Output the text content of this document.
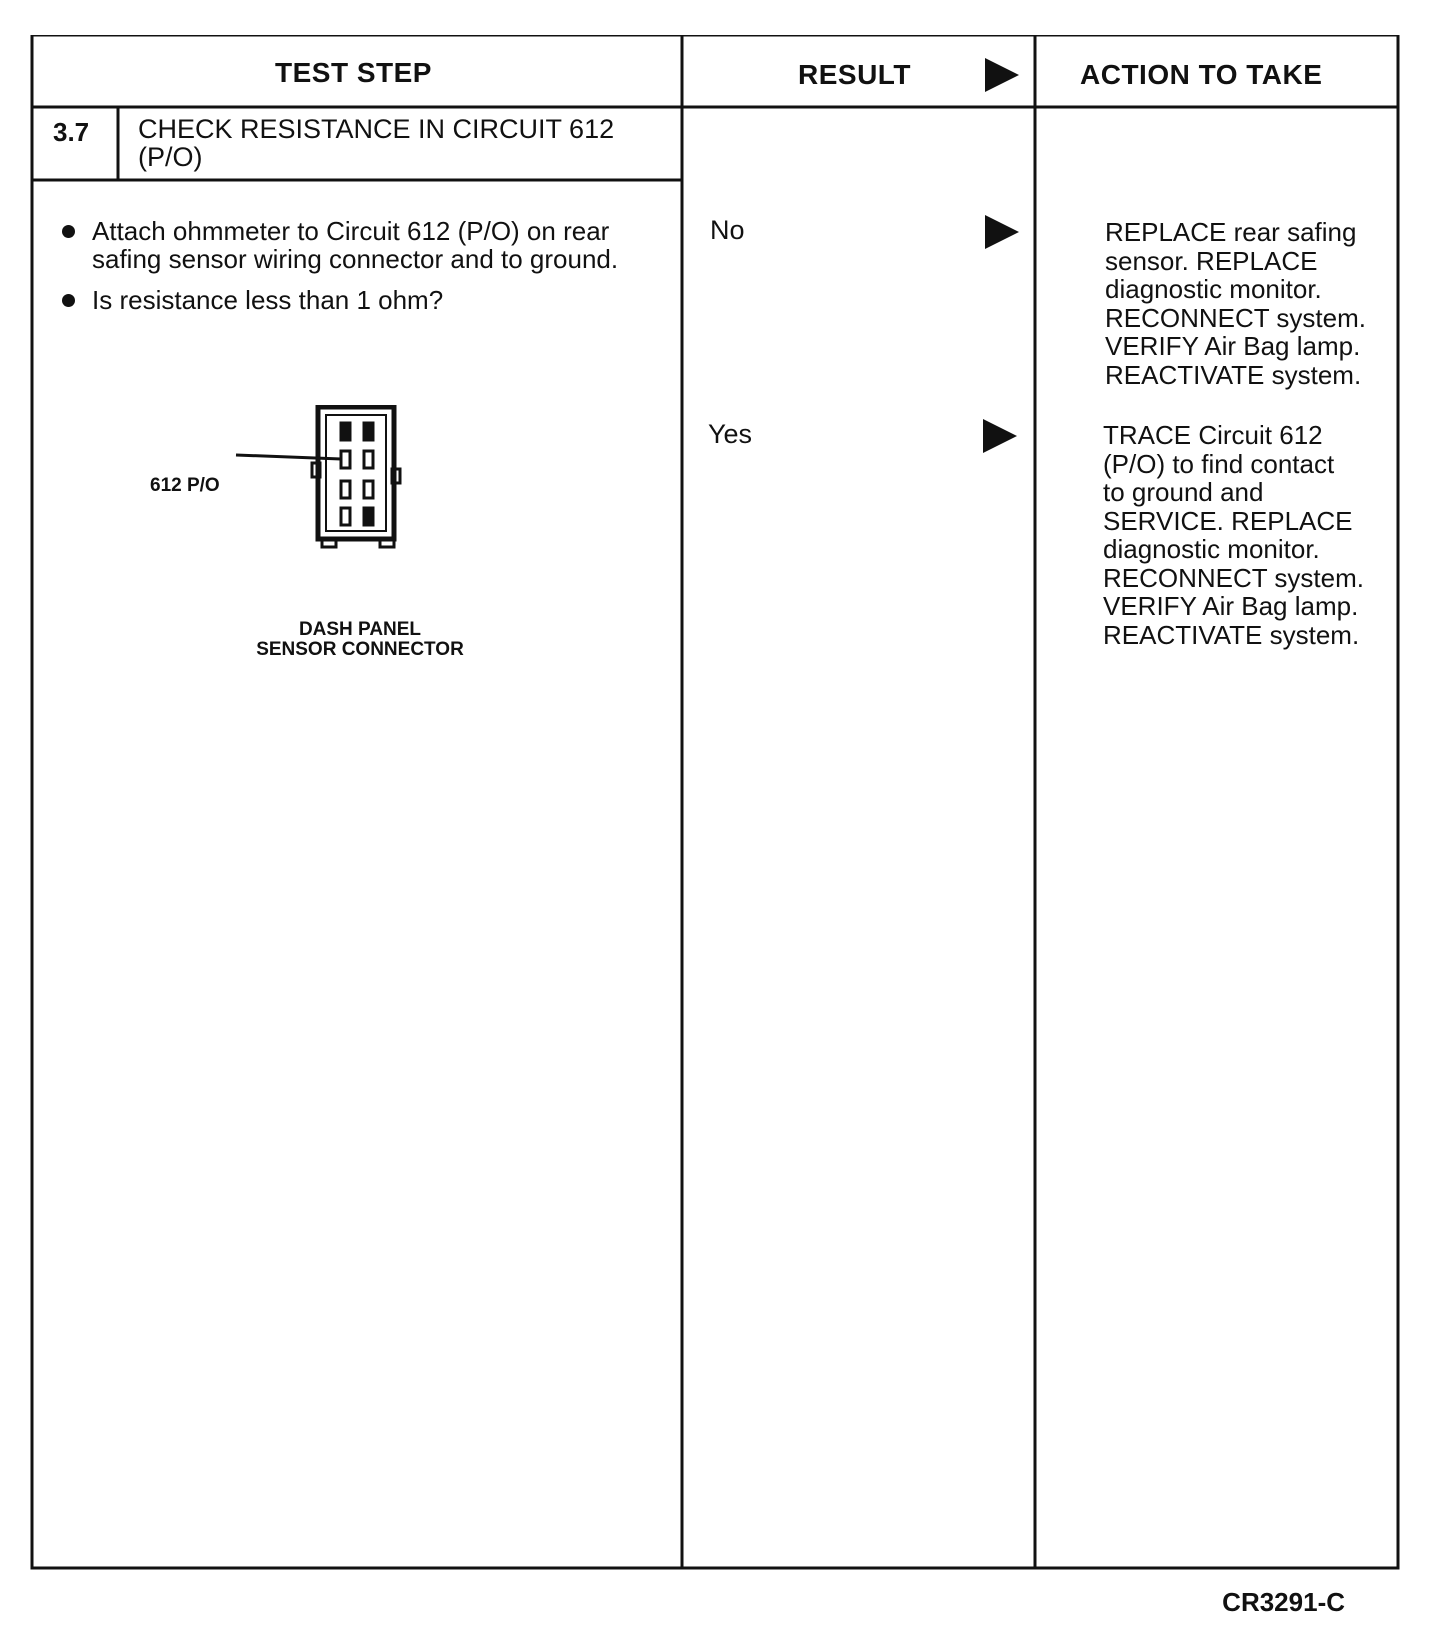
TEST STEP	RESULT	ACTION TO TAKE
3.7 CHECK RESISTANCE IN CIRCUIT 612 (P/O)
Attach ohmmeter to Circuit 612 (P/O) on rear safing sensor wiring connector and to ground.
Is resistance less than 1 ohm?
612 P/O
DASH PANEL
SENSOR CONNECTOR
No	REPLACE rear safing
sensor. REPLACE
diagnostic monitor.
RECONNECT system.
VERIFY Air Bag lamp.
REACTIVATE system.
Yes	TRACE Circuit 612
(P/O) to find contact
to ground and
SERVICE. REPLACE
diagnostic monitor.
RECONNECT system.
VERIFY Air Bag lamp.
REACTIVATE system.
CR3291-C
